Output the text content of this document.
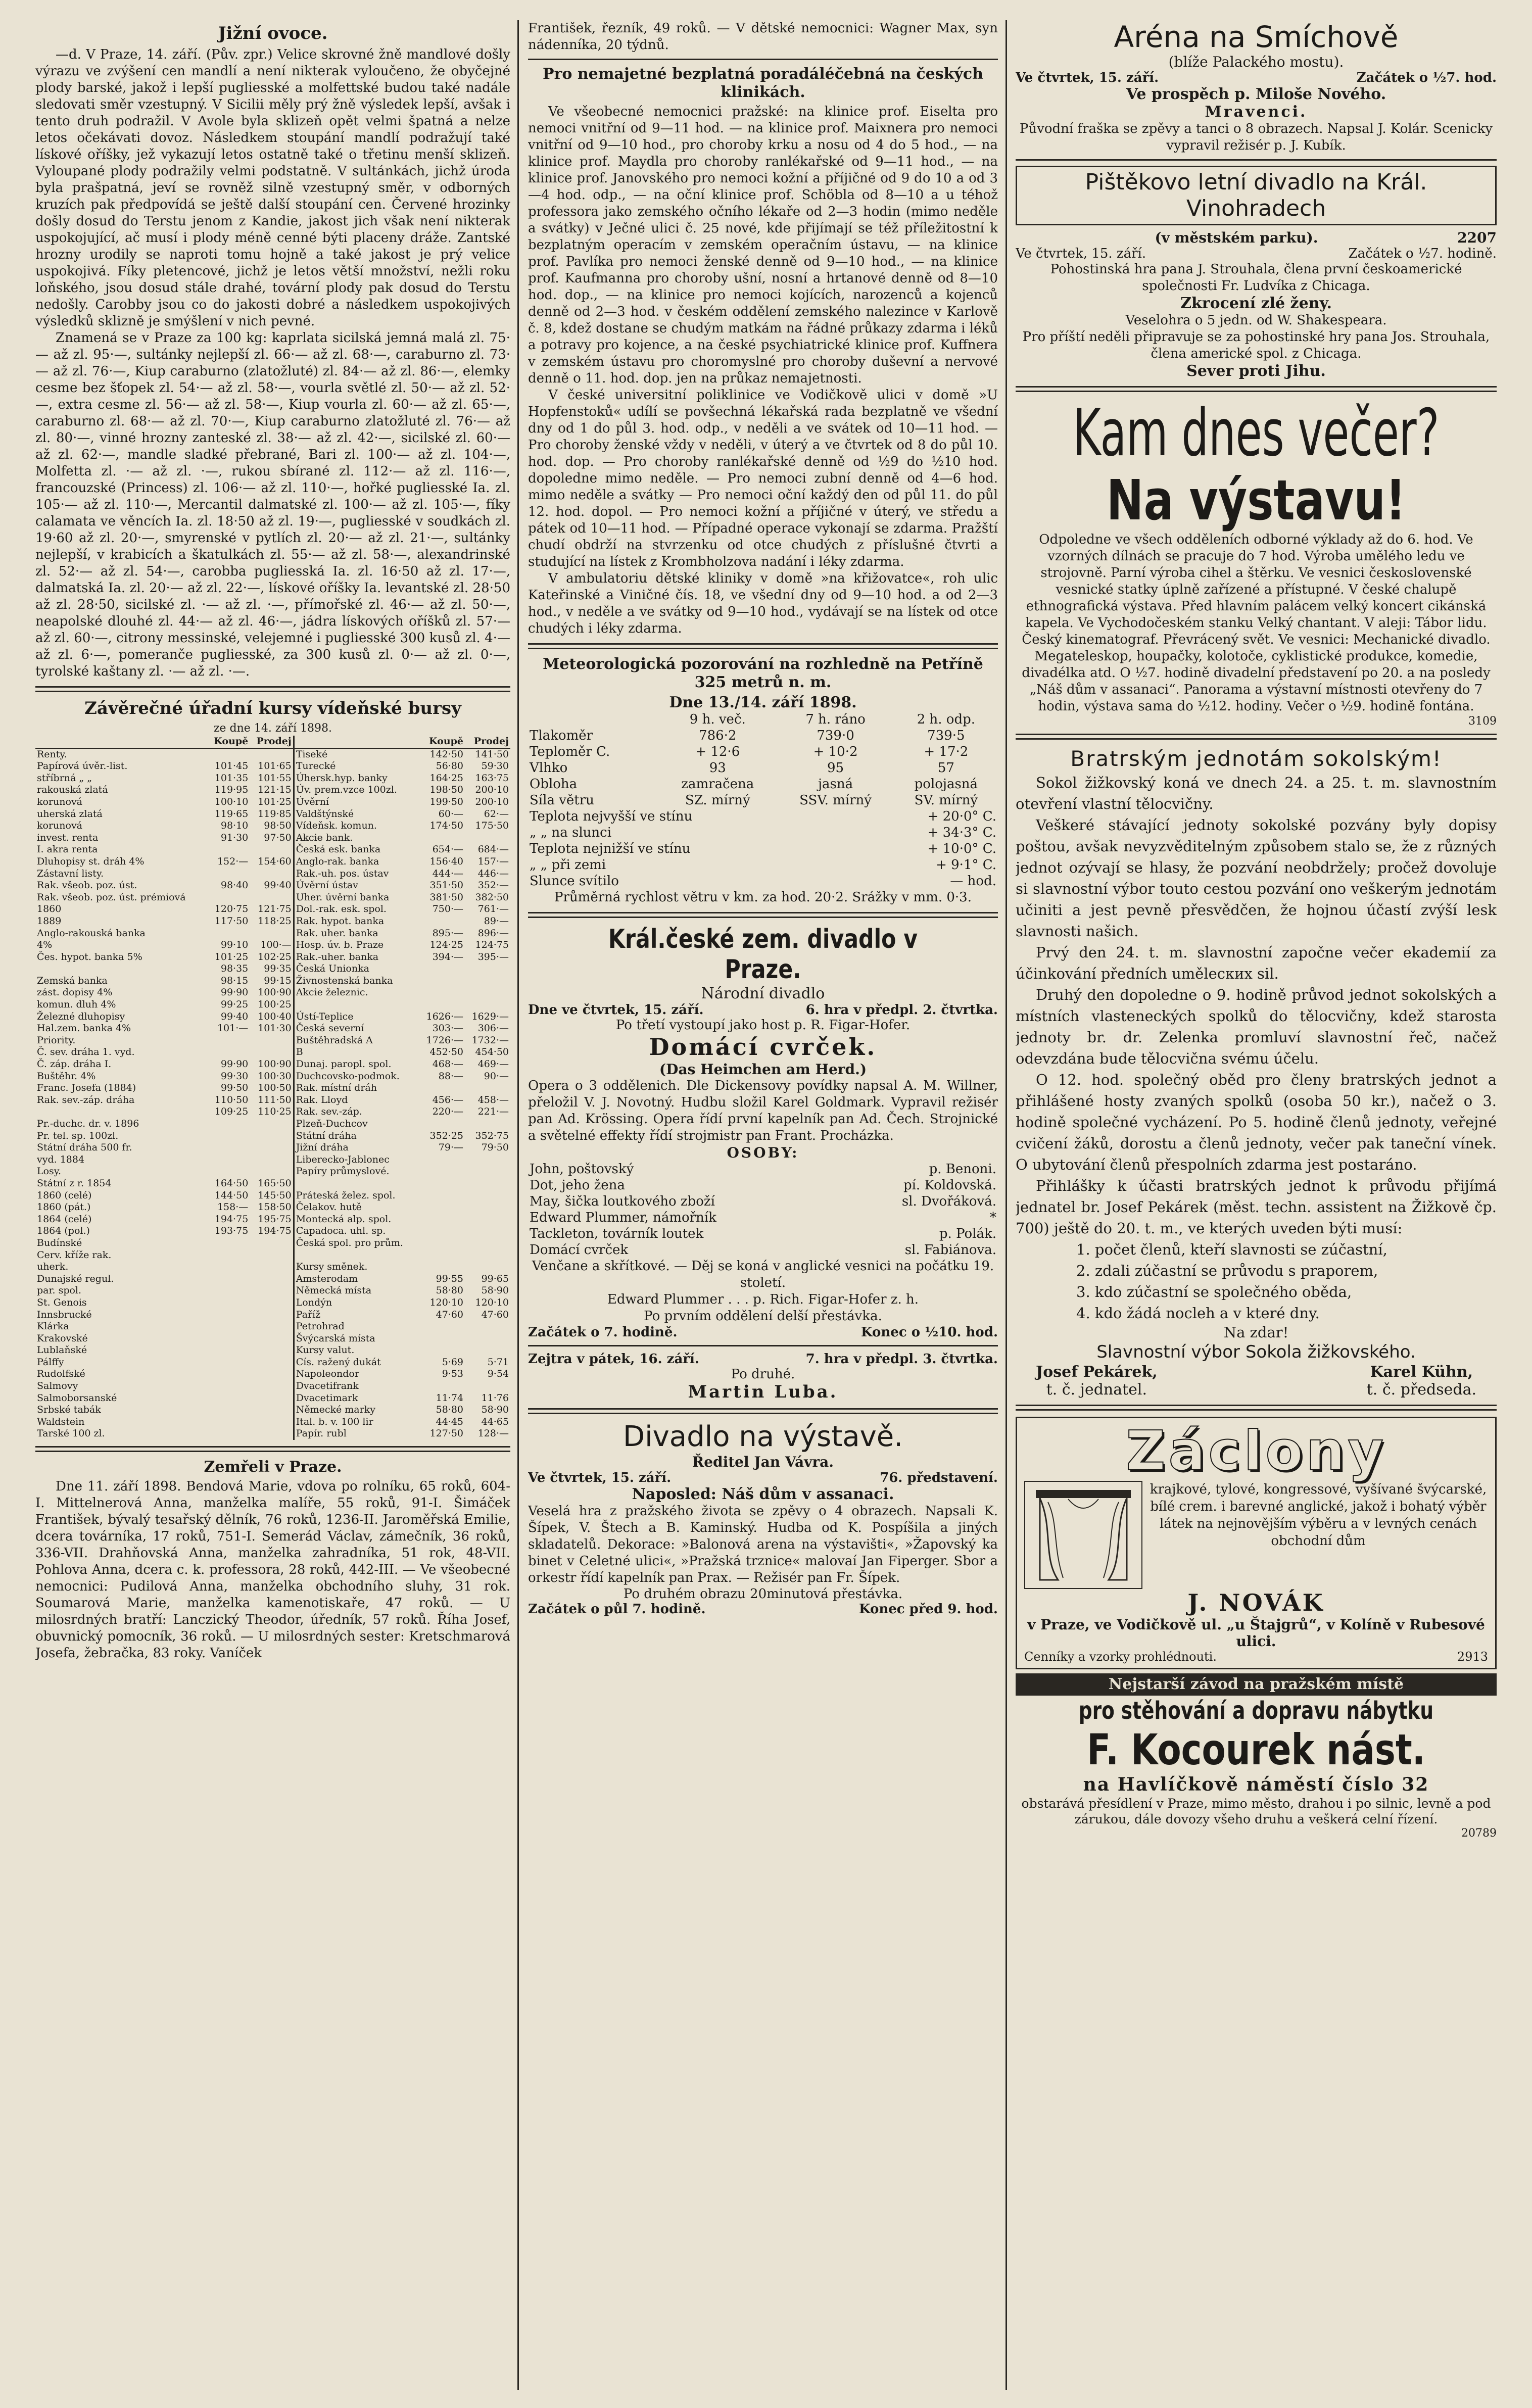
Jižní ovoce.

—d. V Praze, 14. září. (Pův. zpr.) Velice skrovné žně mandlové došly výrazu ve zvýšení cen mandlí a není nikterak vyloučeno, že obyčejné plody barské, jakož i lepší pugliesské a molfettské budou také nadále sledovati směr vzestupný. V Sicilii měly prý žně výsledek lepší, avšak i tento druh podražil. V Avole byla sklizeň opět velmi špatná a nelze letos očekávati dovoz. Následkem stoupání mandlí podražují také lískové oříšky, jež vykazují letos ostatně také o třetinu menší sklizeň. Vyloupané plody podražily velmi podstatně. V sultánkách, jichž úroda byla prašpatná, jeví se rovněž silně vzestupný směr, v odborných kruzích pak předpovídá se ještě další stoupání cen. Červené hrozinky došly dosud do Terstu jenom z Kandie, jakost jich však není nikterak uspokojující, ač musí i plody méně cenné býti placeny dráže. Zantské hrozny urodily se naproti tomu hojně a také jakost je prý velice uspokojivá. Fíky pletencové, jichž je letos větší množství, nežli roku loňského, jsou dosud stále drahé, tovární plody pak dosud do Terstu nedošly. Carobby jsou co do jakosti dobré a následkem uspokojivých výsledků sklizně je smýšlení v nich pevné.

Znamená se v Praze za 100 kg: kaprlata sicilská jemná malá zl. 75·— až zl. 95·—, sultánky nejlepší zl. 66·— až zl. 68·—, caraburno zl. 73·— až zl. 76·—, Kiup caraburno (zlatožluté) zl. 84·— až zl. 86·—, elemky cesme bez šťopek zl. 54·— až zl. 58·—, vourla světlé zl. 50·— až zl. 52·—, extra cesme zl. 56·— až zl. 58·—, Kiup vourla zl. 60·— až zl. 65·—, caraburno zl. 68·— až zl. 70·—, Kiup caraburno zlatožluté zl. 76·— až zl. 80·—, vinné hrozny zanteské zl. 38·— až zl. 42·—, sicilské zl. 60·— až zl. 62·—, mandle sladké přebrané, Bari zl. 100·— až zl. 104·—, Molfetta zl. ·— až zl. ·—, rukou sbírané zl. 112·— až zl. 116·—, francouzské (Princess) zl. 106·— až zl. 110·—, hořké pugliesské Ia. zl. 105·— až zl. 110·—, Mercantil dalmatské zl. 100·— až zl. 105·—, fíky calamata ve věncích Ia. zl. 18·50 až zl. 19·—, pugliesské v soudkách zl. 19·60 až zl. 20·—, smyrenské v pytlích zl. 20·— až zl. 21·—, sultánky nejlepší, v krabicích a škatulkách zl. 55·— až zl. 58·—, alexandrinské zl. 52·— až zl. 54·—, carobba pugliesská Ia. zl. 16·50 až zl. 17·—, dalmatská Ia. zl. 20·— až zl. 22·—, lískové oříšky Ia. levantské zl. 28·50 až zl. 28·50, sicilské zl. ·— až zl. ·—, přímořské zl. 46·— až zl. 50·—, neapolské dlouhé zl. 44·— až zl. 46·—, jádra lískových oříšků zl. 57·— až zl. 60·—, citrony messinské, velejemné i pugliesské 300 kusů zl. 4·— až zl. 6·—, pomeranče pugliesské, za 300 kusů zl. 0·— až zl. 0·—, tyrolské kaštany zl. ·— až zl. ·—.

Závěrečné úřadní kursy vídeňské bursy
ze dne 14. září 1898.
	Koupě	Prodej		Koupě	Prodej
Renty.			Tiseké	142·50	141·50
Papírová úvěr.-list.	101·45	101·65	Turecké	56·80	59·30
stříbrná „ „	101·35	101·55	Úhersk.hyp. banky	164·25	163·75
rakouská zlatá	119·95	121·15	Úv. prem.vzce 100zl.	198·50	200·10
korunová	100·10	101·25	Úvěrní	199·50	200·10
uherská zlatá	119·65	119·85	Valdštýnské	60·—	62·—
korunová	98·10	98·50	Vídeňsk. komun.	174·50	175·50
invest. renta	91·30	97·50	Akcie bank.		
I. akra renta			Česká esk. banka	654·—	684·—
Dluhopisy st. dráh 4%	152·—	154·60	Anglo-rak. banka	156·40	157·—
Zástavní listy.			Rak.-uh. pos. ústav	444·—	446·—
Rak. všeob. poz. úst.	98·40	99·40	Úvěrní ústav	351·50	352·—
Rak. všeob. poz. úst. prémiová			Uher. úvěrní banka	381·50	382·50
1860	120·75	121·75	Dol.-rak. esk. spol.	750·—	761·—
1889	117·50	118·25	Rak. hypot. banka		89·—
Anglo-rakouská banka			Rak. uher. banka	895·—	896·—
4%	99·10	100·—	Hosp. úv. b. Praze	124·25	124·75
Čes. hypot. banka 5%	101·25	102·25	Rak.-uher. banka	394·—	395·—
	98·35	99·35	Česká Unionka		
Zemská banka	98·15	99·15	Živnostenská banka		
zást. dopisy 4%	99·90	100·90	Akcie železnic.		
komun. dluh 4%	99·25	100·25			
Železné dluhopisy	99·40	100·40	Ústí-Teplice	1626·—	1629·—
Hal.zem. banka 4%	101·—	101·30	Česká severní	303·—	306·—
Priority.			Buštěhradská A	1726·—	1732·—
Č. sev. dráha 1. vyd.			B	452·50	454·50
Č. záp. dráha I.	99·90	100·90	Dunaj. paropl. spol.	468·—	469·—
Buštěhr. 4%	99·30	100·30	Duchcovsko-podmok.	88·—	90·—
Franc. Josefa (1884)	99·50	100·50	Rak. místní dráh		
Rak. sev.-záp. dráha	110·50	111·50	Rak. Lloyd	456·—	458·—
	109·25	110·25	Rak. sev.-záp.	220·—	221·—
Pr.-duchc. dr. v. 1896			Plzeň-Duchcov		
Pr. tel. sp. 100zl.			Státní dráha	352·25	352·75
Státní dráha 500 fr.			Jižní dráha	79·—	79·50
vyd. 1884			Liberecko-Jablonec		
Losy.			Papíry průmyslové.		
Státní z r. 1854	164·50	165·50			
1860 (celé)	144·50	145·50	Práteská želez. spol.		
1860 (pát.)	158·—	158·50	Čelakov. hutě		
1864 (celé)	194·75	195·75	Montecká alp. spol.		
1864 (pol.)	193·75	194·75	Capadoca. uhl. sp.		
Budínské			Česká spol. pro prům.		
Cerv. kříže rak.					
uherk.			Kursy směnek.		
Dunajské regul.			Amsterodam	99·55	99·65
par. spol.			Německá místa	58·80	58·90
St. Genois			Londýn	120·10	120·10
Innsbrucké			Paříž	47·60	47·60
Klárka			Petrohrad		
Krakovské			Švýcarská místa		
Lublaňské			Kursy valut.		
Pálffy			Cís. ražený dukát	5·69	5·71
Rudolfské			Napoleondor	9·53	9·54
Salmovy			Dvacetifrank		
Salmoborsanské			Dvacetimark	11·74	11·76
Srbské tabák			Německé marky	58·80	58·90
Waldstein			Ital. b. v. 100 lir	44·45	44·65
Tarské 100 zl.			Papír. rubl	127·50	128·—
Zemřeli v Praze.

Dne 11. září 1898. Bendová Marie, vdova po rolníku, 65 roků, 604-I. Mittelnerová Anna, manželka malíře, 55 roků, 91-I. Šimáček František, bývalý tesařský dělník, 76 roků, 1236-II. Jaroměřská Emilie, dcera továrníka, 17 roků, 751-I. Semerád Václav, zámečník, 36 roků, 336-VII. Drahňovská Anna, manželka zahradníka, 51 rok, 48-VII. Pohlova Anna, dcera c. k. professora, 28 roků, 442-III. — Ve všeobecné nemocnici: Pudilová Anna, manželka obchodního sluhy, 31 rok. Soumarová Marie, manželka kamenotiskaře, 47 roků. — U milosrdných bratří: Lanczický Theodor, úředník, 57 roků. Říha Josef, obuvnický pomocník, 36 roků. — U milosrdných sester: Kretschmarová Josefa, žebračka, 83 roky. Vaníček

František, řezník, 49 roků. — V dětské nemocnici: Wagner Max, syn nádenníka, 20 týdnů.

Pro nemajetné bezplatná poradáléčebná na českých klinikách.

Ve všeobecné nemocnici pražské: na klinice prof. Eiselta pro nemoci vnitřní od 9—11 hod. — na klinice prof. Maixnera pro nemoci vnitřní od 9—10 hod., pro choroby krku a nosu od 4 do 5 hod., — na klinice prof. Maydla pro choroby ranlékařské od 9—11 hod., — na klinice prof. Janovského pro nemoci kožní a příjičné od 9 do 10 a od 3—4 hod. odp., — na oční klinice prof. Schöbla od 8—10 a u téhož professora jako zemského očního lékaře od 2—3 hodin (mimo neděle a svátky) v Ječné ulici č. 25 nové, kde přijímají se též příležitostní k bezplatným operacím v zemském operačním ústavu, — na klinice prof. Pavlíka pro nemoci ženské denně od 9—10 hod., — na klinice prof. Kaufmanna pro choroby ušní, nosní a hrtanové denně od 8—10 hod. dop., — na klinice pro nemoci kojících, narozenců a kojenců denně od 2—3 hod. v českém oddělení zemského nalezince v Karlově č. 8, kdež dostane se chudým matkám na řádné průkazy zdarma i léků a potravy pro kojence, a na české psychiatrické klinice prof. Kuffnera v zemském ústavu pro choromyslné pro choroby duševní a nervové denně o 11. hod. dop. jen na průkaz nemajetnosti.

V české universitní poliklinice ve Vodičkově ulici v domě »U Hopfenstoků« udílí se povšechná lékařská rada bezplatně ve všední dny od 1 do půl 3. hod. odp., v neděli a ve svátek od 10—11 hod. — Pro choroby ženské vždy v neděli, v úterý a ve čtvrtek od 8 do půl 10. hod. dop. — Pro choroby ranlékařské denně od ½9 do ½10 hod. dopoledne mimo neděle. — Pro nemoci zubní denně od 4—6 hod. mimo neděle a svátky — Pro nemoci oční každý den od půl 11. do půl 12. hod. dopol. — Pro nemoci kožní a příjičné v úterý, ve středu a pátek od 10—11 hod. — Případné operace vykonají se zdarma. Pražští chudí obdrží na stvrzenku od otce chudých z příslušné čtvrti a studující na lístek z Krombholzova nadání i léky zdarma.

V ambulatoriu dětské kliniky v domě »na křižovatce«, roh ulic Kateřinské a Viničné čís. 18, ve všední dny od 9—10 hod. a od 2—3 hod., v neděle a ve svátky od 9—10 hod., vydávají se na lístek od otce chudých i léky zdarma.

Meteorologická pozorování na rozhledně na Petříně 325 metrů n. m.
Dne 13./14. září 1898.
	9 h. več.	7 h. ráno	2 h. odp.
Tlakoměr	786·2	739·0	739·5
Teploměr C.	+ 12·6	+ 10·2	+ 17·2
Vlhko	93	95	57
Obloha	zamračena	jasná	polojasná
Síla větru	SZ. mírný	SSV. mírný	SV. mírný
Teplota nejvyšší ve stínu	+ 20·0° C.
„ „ na slunci	+ 34·3° C.
Teplota nejnižší ve stínu	+ 10·0° C.
„ „ při zemi	+ 9·1° C.
Slunce svítilo	— hod.

Průměrná rychlost větru v km. za hod. 20·2. Srážky v mm. 0·3.

Král.české zem. divadlo v Praze.
Národní divadlo
Dne ve čtvrtek, 15. září.	6. hra v předpl. 2. čtvrtka.
Po třetí vystoupí jako host p. R. Figar-Hofer.
Domácí cvrček.
(Das Heimchen am Herd.)

Opera o 3 oddělenich. Dle Dickensovy povídky napsal A. M. Willner, přeložil V. J. Novotný. Hudbu složil Karel Goldmark. Vypravil režisér pan Ad. Krössing. Opera řídí první kapelník pan Ad. Čech. Strojnické a světelné effekty řídí strojmistr pan Frant. Procházka.

OSOBY:
John, poštovský	p. Benoni.
Dot, jeho žena	pí. Koldovská.
May, šička loutkového zboží	sl. Dvořáková.
Edward Plummer, námořník	*
Tackleton, továrník loutek	p. Polák.
Domácí cvrček	sl. Fabiánova.

Venčane a skřítkové. — Děj se koná v anglické vesnici na počátku 19. století.

Edward Plummer . . . p. Rich. Figar-Hofer z. h.

Po prvním oddělení delší přestávka.

Začátek o 7. hodině.	Konec o ½10. hod.
Zejtra v pátek, 16. září.	7. hra v předpl. 3. čtvrtka.
Po druhé.
Martin Luba.
Divadlo na výstavě.
Ředitel Jan Vávra.
Ve čtvrtek, 15. září.	76. představení.
Naposled: Náš dům v assanaci.

Veselá hra z pražského života se zpěvy o 4 obrazech. Napsali K. Šípek, V. Štech a B. Kaminský. Hudba od K. Pospíšila a jiných skladatelů. Dekorace: »Balonová arena na výstavišti«, »Žapovský ka binet v Celetné ulici«, »Pražská trznice« malovaí Jan Fiperger. Sbor a orkestr řídí kapelník pan Prax. — Režisér pan Fr. Šípek.

Po druhém obrazu 20minutová přestávka.
Začátek o půl 7. hodině.	Konec před 9. hod.
Aréna na Smíchově
(blíže Palackého mostu).
Ve čtvrtek, 15. září.	Začátek o ½7. hod.
Ve prospěch p. Miloše Nového.
Mravenci.

Původní fraška se zpěvy a tanci o 8 obrazech. Napsal J. Kolár. Scenicky vypravil režisér p. J. Kubík.

Pištěkovo letní divadlo na Král. Vinohradech
(v městském parku).	2207
Ve čtvrtek, 15. září.	Začátek o ½7. hodině.

Pohostinská hra pana J. Strouhala, člena první českoamerické společnosti Fr. Ludvíka z Chicaga.

Zkrocení zlé ženy.

Veselohra o 5 jedn. od W. Shakespeara.

Pro příští neděli připravuje se za pohostinské hry pana Jos. Strouhala, člena americké spol. z Chicaga.

Sever proti Jihu.
Kam dnes večer?
Na výstavu!

Odpoledne ve všech odděleních odborné výklady až do 6. hod. Ve vzorných dílnách se pracuje do 7 hod. Výroba umělého ledu ve strojovně. Parní výroba cihel a štěrku. Ve vesnici československé vesnické statky úplně zařízené a přístupné. V české chalupě ethnografická výstava. Před hlavním palácem velký koncert cikánská kapela. Ve Vychodočeském stanku Velký chantant. V aleji: Tábor lidu. Český kinematograf. Převrácený svět. Ve vesnici: Mechanické divadlo. Megateleskop, houpačky, kolotoče, cyklistické produkce, komedie, divadélka atd. O ½7. hodině divadelní představení po 20. a na posledy „Náš dům v assanaci“. Panorama a výstavní místnosti otevřeny do 7 hodin, výstava sama do ½12. hodiny. Večer o ½9. hodině fontána.

3109
Bratrským jednotám sokolským!

Sokol žižkovský koná ve dnech 24. a 25. t. m. slavnostním otevření vlastní tělocvičny.

Veškeré stávající jednoty sokolské pozvány byly dopisy poštou, avšak nevyzvěditelným způsobem stalo se, že z různých jednot ozývají se hlasy, že pozvání neobdržely; pročež dovoluje si slavnostní výbor touto cestou pozvání ono veškerým jednotám učiniti a jest pevně přesvědčen, že hojnou účastí zvýší lesk slavnosti našich.

Prvý den 24. t. m. slavnostní započne večer ekademií za účinkování předních umělecких sil.

Druhý den dopoledne o 9. hodině průvod jednot sokolských a místních vlasteneckých spolků do tělocvičny, kdež starosta jednoty br. dr. Zelenka promluví slavnostní řeč, načež odevzdána bude tělocvična svému účelu.

O 12. hod. společný oběd pro členy bratrských jednot a přihlášené hosty zvaných spolků (osoba 50 kr.), načež o 3. hodině společné vycházení. Po 5. hodině členů jednoty, veřejné cvičení žáků, dorostu a členů jednoty, večer pak taneční vínek. O ubytování členů přespolních zdarma jest postaráno.

Přihlášky k účasti bratrských jednot k průvodu přijímá jednatel br. Josef Pekárek (měst. techn. assistent na Žižkově čp. 700) ještě do 20. t. m., ve kterých uveden býti musí:

1. počet členů, kteří slavnosti se zúčastní,
2. zdali zúčastní se průvodu s praporem,
3. kdo zúčastní se společného oběda,
4. kdo žádá nocleh a v které dny.
Na zdar!
Slavnostní výbor Sokola žižkovského.
Josef Pekárek,
t. č. jednatel.
Karel Kühn,
t. č. předseda.
Záclony

krajkové, tylové, kongressové, vyšívané švýcarské, bílé crem. i barevné anglické, jakož i bohatý výběr látek na nejnovějším výběru a v levných cenách obchodní dům

J. NOVÁK

v Praze, ve Vodičkově ul. „u Štajgrů“, v Kolíně v Rubesové ulici.

Cenníky a vzorky prohlédnouti.	2913
Nejstarší závod na pražském místě
pro stěhování a dopravu nábytku
F. Kocourek nást.
na Havlíčkově náměstí číslo 32

obstarává přesídlení v Praze, mimo město, drahou i po silnic, levně a pod zárukou, dále dovozy všeho druhu a veškerá celní řízení.

20789
